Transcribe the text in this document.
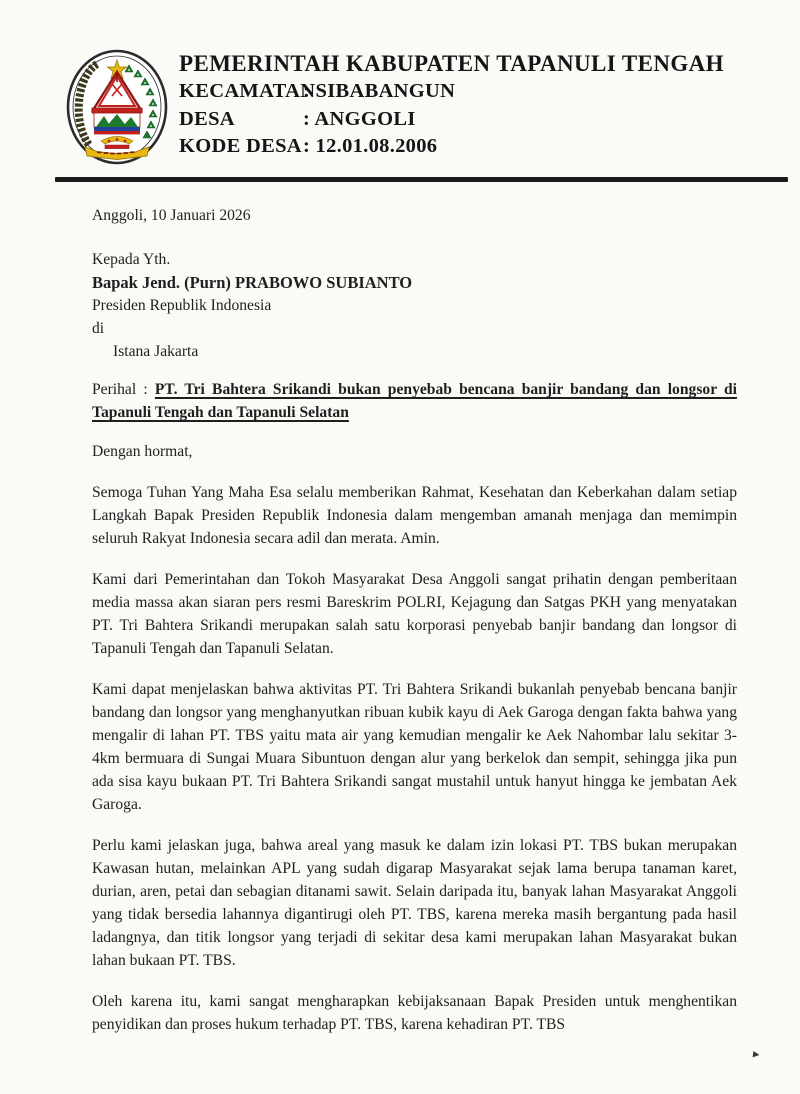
PEMERINTAH KABUPATEN TAPANULI TENGAH
KECAMATAN
: SIBABANGUN
DESA	: ANGGOLI
KODE DESA : 12.01.08.2006

Anggoli, 10 Januari 2026

Kepada Yth.
Bapak Jend. (Purn) PRABOWO SUBIANTO
Presiden Republik Indonesia
di
Istana Jakarta

Perihal : PT. Tri Bahtera Srikandi bukan penyebab bencana banjir bandang dan longsor di Tapanuli Tengah dan Tapanuli Selatan

Dengan hormat,

Semoga Tuhan Yang Maha Esa selalu memberikan Rahmat, Kesehatan dan Keberkahan dalam setiap Langkah Bapak Presiden Republik Indonesia dalam mengemban amanah menjaga dan memimpin seluruh Rakyat Indonesia secara adil dan merata. Amin.

Kami dari Pemerintahan dan Tokoh Masyarakat Desa Anggoli sangat prihatin dengan pemberitaan media massa akan siaran pers resmi Bareskrim POLRI, Kejagung dan Satgas PKH yang menyatakan PT. Tri Bahtera Srikandi merupakan salah satu korporasi penyebab banjir bandang dan longsor di Tapanuli Tengah dan Tapanuli Selatan.

Kami dapat menjelaskan bahwa aktivitas PT. Tri Bahtera Srikandi bukanlah penyebab bencana banjir bandang dan longsor yang menghanyutkan ribuan kubik kayu di Aek Garoga dengan fakta bahwa yang mengalir di lahan PT. TBS yaitu mata air yang kemudian mengalir ke Aek Nahombar lalu sekitar 3-4km bermuara di Sungai Muara Sibuntuon dengan alur yang berkelok dan sempit, sehingga jika pun ada sisa kayu bukaan PT. Tri Bahtera Srikandi sangat mustahil untuk hanyut hingga ke jembatan Aek Garoga.

Perlu kami jelaskan juga, bahwa areal yang masuk ke dalam izin lokasi PT. TBS bukan merupakan Kawasan hutan, melainkan APL yang sudah digarap Masyarakat sejak lama berupa tanaman karet, durian, aren, petai dan sebagian ditanami sawit. Selain daripada itu, banyak lahan Masyarakat Anggoli yang tidak bersedia lahannya digantirugi oleh PT. TBS, karena mereka masih bergantung pada hasil ladangnya, dan titik longsor yang terjadi di sekitar desa kami merupakan lahan Masyarakat bukan lahan bukaan PT. TBS.

Oleh karena itu, kami sangat mengharapkan kebijaksanaan Bapak Presiden untuk menghentikan penyidikan dan proses hukum terhadap PT. TBS, karena kehadiran PT. TBS

▸
